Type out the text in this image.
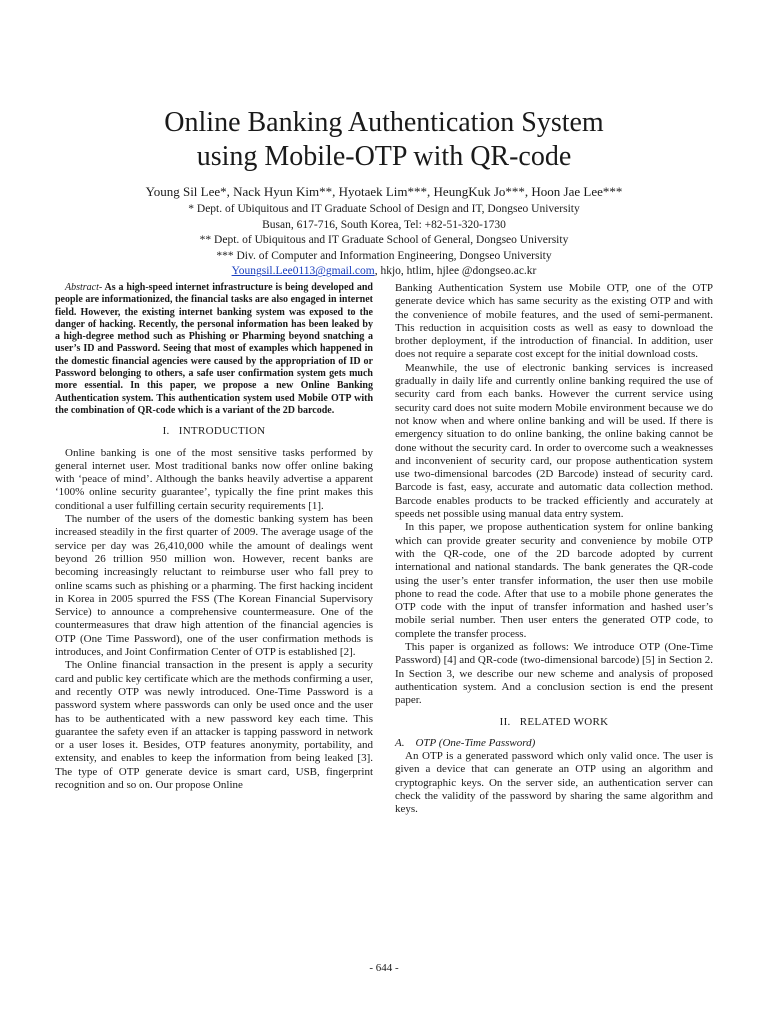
Online Banking Authentication System
using Mobile-OTP with QR-code
Young Sil Lee*, Nack Hyun Kim**, Hyotaek Lim***, HeungKuk Jo***, Hoon Jae Lee***
* Dept. of Ubiquitous and IT Graduate School of Design and IT, Dongseo University
Busan, 617-716, South Korea, Tel: +82-51-320-1730
** Dept. of Ubiquitous and IT Graduate School of General, Dongseo University
*** Div. of Computer and Information Engineering, Dongseo University
Youngsil.Lee0113@gmail.com, hkjo, htlim, hjlee @dongseo.ac.kr

Abstract- As a high-speed internet infrastructure is being developed and people are informationized, the financial tasks are also engaged in internet field. However, the existing internet banking system was exposed to the danger of hacking. Recently, the personal information has been leaked by a high-degree method such as Phishing or Pharming beyond snatching a user’s ID and Password. Seeing that most of examples which happened in the domestic financial agencies were caused by the appropriation of ID or Password belonging to others, a safe user confirmation system gets much more essential. In this paper, we propose a new Online Banking Authentication system. This authentication system used Mobile OTP with the combination of QR-code which is a variant of the 2D barcode.

I.   INTRODUCTION

Online banking is one of the most sensitive tasks performed by general internet user. Most traditional banks now offer online baking with ‘peace of mind’. Although the banks heavily advertise a apparent ‘100% online security guarantee’, typically the fine print makes this conditional a user fulfilling certain security requirements [1].

The number of the users of the domestic banking system has been increased steadily in the first quarter of 2009. The average usage of the service per day was 26,410,000 while the amount of dealings went beyond 26 trillion 950 million won. However, recent banks are becoming increasingly reluctant to reimburse user who fall prey to online scams such as phishing or a pharming. The first hacking incident in Korea in 2005 spurred the FSS (The Korean Financial Supervisory Service) to announce a comprehensive countermeasure. One of the countermeasures that draw high attention of the financial agencies is OTP (One Time Password), one of the user confirmation methods is introduces, and Joint Confirmation Center of OTP is established [2].

The Online financial transaction in the present is apply a security card and public key certificate which are the methods confirming a user, and recently OTP was newly introduced. One-Time Password is a password system where passwords can only be used once and the user has to be authenticated with a new password key each time. This guarantee the safety even if an attacker is tapping password in network or a user loses it. Besides, OTP features anonymity, portability, and extensity, and enables to keep the information from being leaked [3]. The type of OTP generate device is smart card, USB, fingerprint recognition and so on. Our propose Online

Banking Authentication System use Mobile OTP, one of the OTP generate device which has same security as the existing OTP and with the convenience of mobile features, and the used of semi-permanent. This reduction in acquisition costs as well as easy to download the brother deployment, if the introduction of financial. In addition, user does not require a separate cost except for the initial download costs.

Meanwhile, the use of electronic banking services is increased gradually in daily life and currently online banking required the use of security card from each banks. However the current service using security card does not suite modern Mobile environment because we do not know when and where online banking and will be used. If there is emergency situation to do online banking, the online baking cannot be done without the security card. In order to overcome such a weaknesses and inconvenient of security card, our propose authentication system use two-dimensional barcodes (2D Barcode) instead of security card. Barcode is fast, easy, accurate and automatic data collection method. Barcode enables products to be tracked efficiently and accurately at speeds net possible using manual data entry system.

In this paper, we propose authentication system for online banking which can provide greater security and convenience by mobile OTP with the QR-code, one of the 2D barcode adopted by current international and national standards. The bank generates the QR-code using the user’s enter transfer information, the user then use mobile phone to read the code. After that use to a mobile phone generates the OTP code with the input of transfer information and hashed user’s mobile serial number. Then user enters the generated OTP code, to complete the transfer process.

This paper is organized as follows: We introduce OTP (One-Time Password) [4] and QR-code (two-dimensional barcode) [5] in Section 2. In Section 3, we describe our new scheme and analysis of proposed authentication system. And a conclusion section is end the present paper.

II.   RELATED WORK
A.    OTP (One-Time Password)

An OTP is a generated password which only valid once. The user is given a device that can generate an OTP using an algorithm and cryptographic keys. On the server side, an authentication server can check the validity of the password by sharing the same algorithm and keys.

- 644 -
